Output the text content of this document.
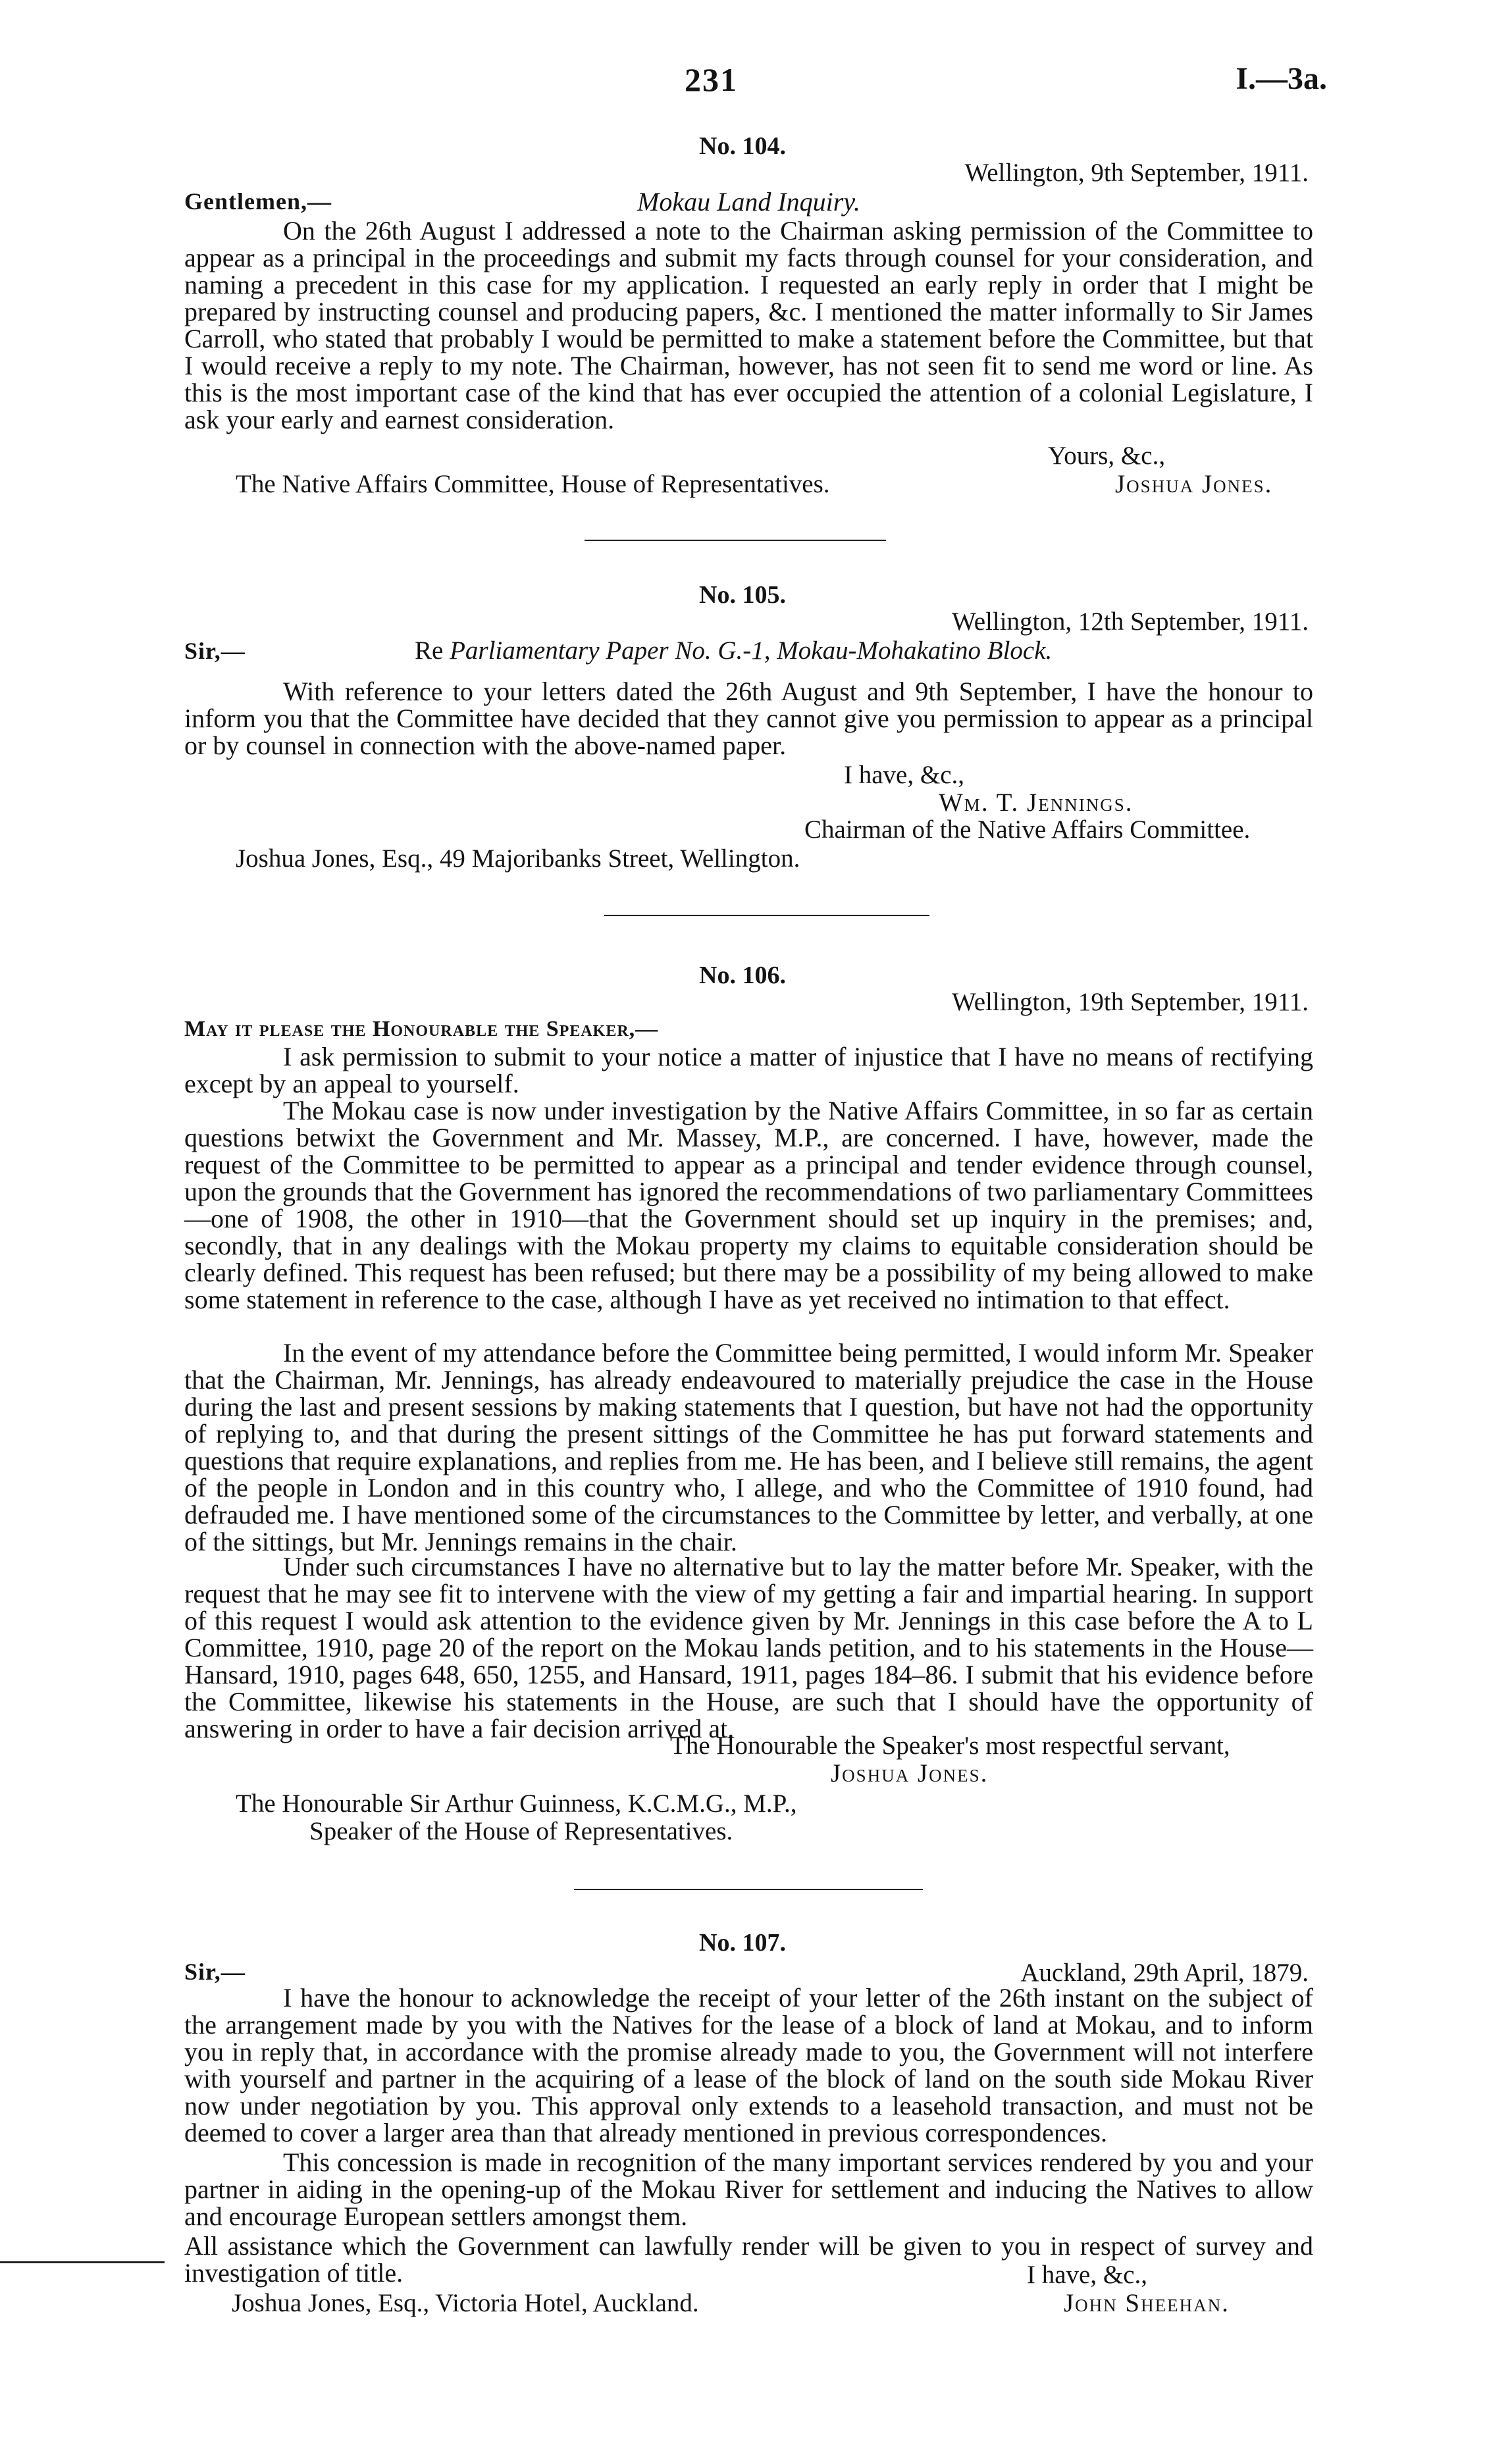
231	I.—3a.
No. 104.
Wellington, 9th September, 1911.
Gentlemen,—	Mokau Land Inquiry.
On the 26th August I addressed a note to the Chairman asking permission of the Committee to appear as a principal in the proceedings and submit my facts through counsel for your consideration, and naming a precedent in this case for my application. I requested an early reply in order that I might be prepared by instructing counsel and producing papers, &c. I mentioned the matter informally to Sir James Carroll, who stated that probably I would be permitted to make a statement before the Committee, but that I would receive a reply to my note. The Chairman, however, has not seen fit to send me word or line. As this is the most important case of the kind that has ever occupied the attention of a colonial Legislature, I ask your early and earnest consideration.
Yours, &c.,
The Native Affairs Committee, House of Representatives.	Joshua Jones.
No. 105.
Wellington, 12th September, 1911.
Sir,—	Re Parliamentary Paper No. G.-1, Mokau-Mohakatino Block.
With reference to your letters dated the 26th August and 9th September, I have the honour to inform you that the Committee have decided that they cannot give you permission to appear as a principal or by counsel in connection with the above-named paper.
I have, &c.,
Wm. T. Jennings.
Chairman of the Native Affairs Committee.
Joshua Jones, Esq., 49 Majoribanks Street, Wellington.
No. 106.
Wellington, 19th September, 1911.
May it please the Honourable the Speaker,—
I ask permission to submit to your notice a matter of injustice that I have no means of rectifying except by an appeal to yourself.
The Mokau case is now under investigation by the Native Affairs Committee, in so far as certain questions betwixt the Government and Mr. Massey, M.P., are concerned. I have, however, made the request of the Committee to be permitted to appear as a principal and tender evidence through counsel, upon the grounds that the Government has ignored the recommendations of two parliamentary Committees—one of 1908, the other in 1910—that the Government should set up inquiry in the premises; and, secondly, that in any dealings with the Mokau property my claims to equitable consideration should be clearly defined. This request has been refused; but there may be a possibility of my being allowed to make some statement in reference to the case, although I have as yet received no intimation to that effect.
In the event of my attendance before the Committee being permitted, I would inform Mr. Speaker that the Chairman, Mr. Jennings, has already endeavoured to materially prejudice the case in the House during the last and present sessions by making statements that I question, but have not had the opportunity of replying to, and that during the present sittings of the Committee he has put forward statements and questions that require explanations, and replies from me. He has been, and I believe still remains, the agent of the people in London and in this country who, I allege, and who the Committee of 1910 found, had defrauded me. I have mentioned some of the circumstances to the Committee by letter, and verbally, at one of the sittings, but Mr. Jennings remains in the chair.
Under such circumstances I have no alternative but to lay the matter before Mr. Speaker, with the request that he may see fit to intervene with the view of my getting a fair and impartial hearing. In support of this request I would ask attention to the evidence given by Mr. Jennings in this case before the A to L Committee, 1910, page 20 of the report on the Mokau lands petition, and to his statements in the House—Hansard, 1910, pages 648, 650, 1255, and Hansard, 1911, pages 184–86. I submit that his evidence before the Committee, likewise his statements in the House, are such that I should have the opportunity of answering in order to have a fair decision arrived at.
The Honourable the Speaker's most respectful servant,
Joshua Jones.
The Honourable Sir Arthur Guinness, K.C.M.G., M.P.,
Speaker of the House of Representatives.
No. 107.
Sir,—	Auckland, 29th April, 1879.
I have the honour to acknowledge the receipt of your letter of the 26th instant on the subject of the arrangement made by you with the Natives for the lease of a block of land at Mokau, and to inform you in reply that, in accordance with the promise already made to you, the Government will not interfere with yourself and partner in the acquiring of a lease of the block of land on the south side Mokau River now under negotiation by you. This approval only extends to a leasehold transaction, and must not be deemed to cover a larger area than that already mentioned in previous correspondences.
This concession is made in recognition of the many important services rendered by you and your partner in aiding in the opening-up of the Mokau River for settlement and inducing the Natives to allow and encourage European settlers amongst them.
All assistance which the Government can lawfully render will be given to you in respect of survey and investigation of title.	I have, &c.,
Joshua Jones, Esq., Victoria Hotel, Auckland.	John Sheehan.
